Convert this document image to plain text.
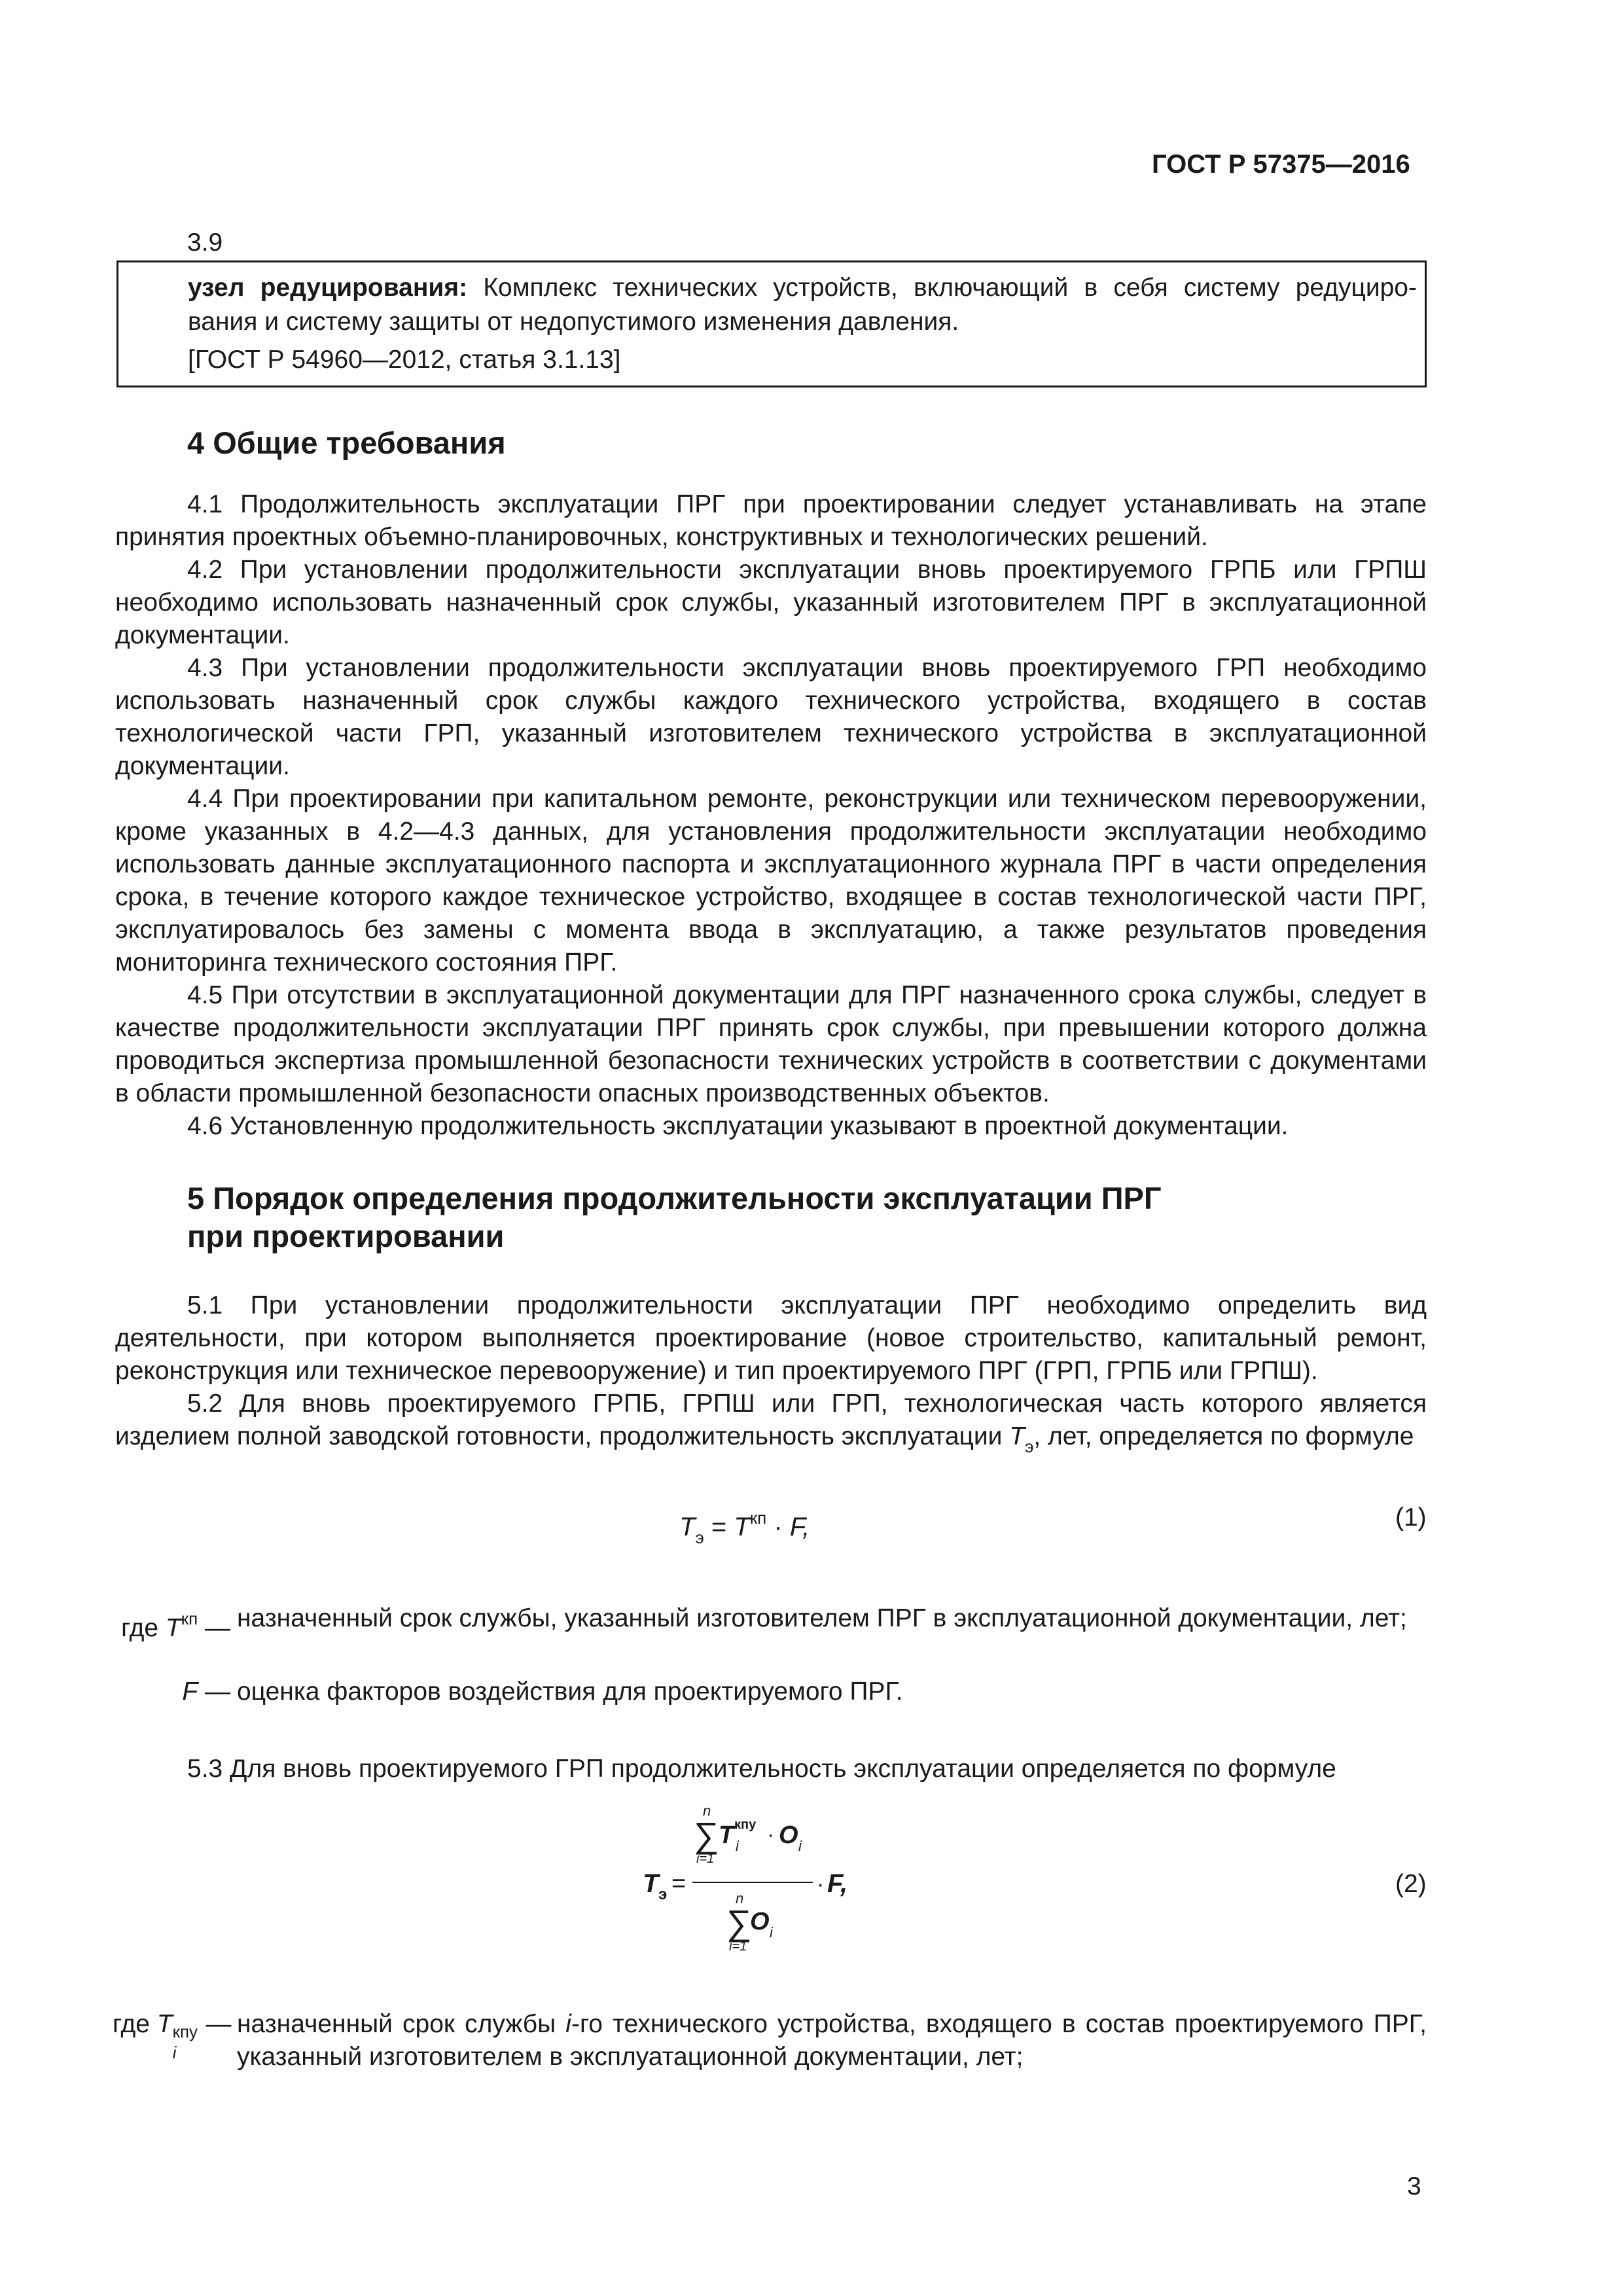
ГОСТ Р 57375—2016
3.9
узел редуцирования: Комплекс технических устройств, включающий в себя систему редуциро-
вания и систему защиты от недопустимого изменения давления.
[ГОСТ Р 54960—2012, статья 3.1.13]
4 Общие требования

4.1 Продолжительность эксплуатации ПРГ при проектировании следует устанавливать на этапе принятия проектных объемно-планировочных, конструктивных и технологических решений.

4.2 При установлении продолжительности эксплуатации вновь проектируемого ГРПБ или ГРПШ необходимо использовать назначенный срок службы, указанный изготовителем ПРГ в эксплуатационной документации.

4.3 При установлении продолжительности эксплуатации вновь проектируемого ГРП необходимо использовать назначенный срок службы каждого технического устройства, входящего в состав технологической части ГРП, указанный изготовителем технического устройства в эксплуатационной документации.

4.4 При проектировании при капитальном ремонте, реконструкции или техническом перевооружении, кроме указанных в 4.2—4.3 данных, для установления продолжительности эксплуатации необходимо использовать данные эксплуатационного паспорта и эксплуатационного журнала ПРГ в части определения срока, в течение которого каждое техническое устройство, входящее в состав технологической части ПРГ, эксплуатировалось без замены с момента ввода в эксплуатацию, а также результатов проведения мониторинга технического состояния ПРГ.

4.5 При отсутствии в эксплуатационной документации для ПРГ назначенного срока службы, следует в качестве продолжительности эксплуатации ПРГ принять срок службы, при превышении которого должна проводиться экспертиза промышленной безопасности технических устройств в соответствии с документами в области промышленной безопасности опасных производственных объектов.

4.6 Установленную продолжительность эксплуатации указывают в проектной документации.

5 Порядок определения продолжительности эксплуатации ПРГ
при проектировании

5.1 При установлении продолжительности эксплуатации ПРГ необходимо определить вид деятельности, при котором выполняется проектирование (новое строительство, капитальный ремонт, реконструкция или техническое перевооружение) и тип проектируемого ПРГ (ГРП, ГРПБ или ГРПШ).

5.2 Для вновь проектируемого ГРПБ, ГРПШ или ГРП, технологическая часть которого является изделием полной заводской готовности, продолжительность эксплуатации $T_э$, лет, определяется по формуле

$T_э = T^{кп} \cdot F$,	(1)
где $T^{кп}$ — назначенный срок службы, указанный изготовителем ПРГ в эксплуатационной документации, лет;
F — оценка факторов воздействия для проектируемого ПРГ.

5.3 Для вновь проектируемого ГРП продолжительность эксплуатации определяется по формуле

T э =
n
∑
i=1
T кпу
i · O i
n
∑
i=1
O i
· F,	(2)
где T кпу
i
— назначенный срок службы i-го технического устройства, входящего в состав проектируемого ПРГ, указанный изготовителем в эксплуатационной документации, лет;
3
